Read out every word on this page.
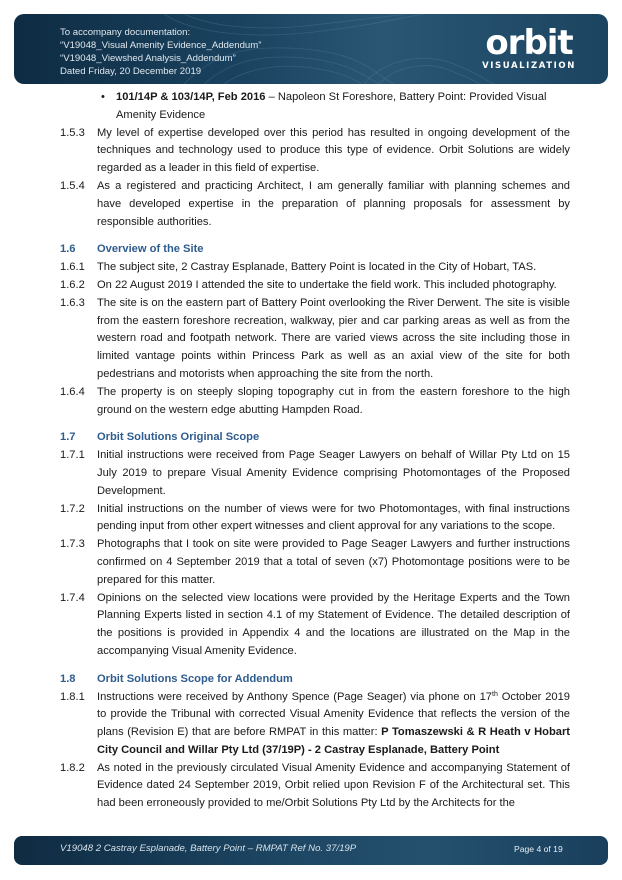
To accompany documentation:
“V19048_Visual Amenity Evidence_Addendum”
“V19048_Viewshed Analysis_Addendum”
Dated Friday, 20 December 2019
orbit
VISUALIZATION
• 101/14P & 103/14P, Feb 2016 – Napoleon St Foreshore, Battery Point: Provided Visual Amenity Evidence
1.5.3	My level of expertise developed over this period has resulted in ongoing development of the techniques and technology used to produce this type of evidence. Orbit Solutions are widely regarded as a leader in this field of expertise.
1.5.4	As a registered and practicing Architect, I am generally familiar with planning schemes and have developed expertise in the preparation of planning proposals for assessment by responsible authorities.
1.6	Overview of the Site
1.6.1	The subject site, 2 Castray Esplanade, Battery Point is located in the City of Hobart, TAS.
1.6.2	On 22 August 2019 I attended the site to undertake the field work. This included photography.
1.6.3	The site is on the eastern part of Battery Point overlooking the River Derwent. The site is visible from the eastern foreshore recreation, walkway, pier and car parking areas as well as from the western road and footpath network. There are varied views across the site including those in limited vantage points within Princess Park as well as an axial view of the site for both pedestrians and motorists when approaching the site from the north.
1.6.4	The property is on steeply sloping topography cut in from the eastern foreshore to the high ground on the western edge abutting Hampden Road.
1.7	Orbit Solutions Original Scope
1.7.1	Initial instructions were received from Page Seager Lawyers on behalf of Willar Pty Ltd on 15 July 2019 to prepare Visual Amenity Evidence comprising Photomontages of the Proposed Development.
1.7.2	Initial instructions on the number of views were for two Photomontages, with final instructions pending input from other expert witnesses and client approval for any variations to the scope.
1.7.3	Photographs that I took on site were provided to Page Seager Lawyers and further instructions confirmed on 4 September 2019 that a total of seven (x7) Photomontage positions were to be prepared for this matter.
1.7.4	Opinions on the selected view locations were provided by the Heritage Experts and the Town Planning Experts listed in section 4.1 of my Statement of Evidence. The detailed description of the positions is provided in Appendix 4 and the locations are illustrated on the Map in the accompanying Visual Amenity Evidence.
1.8	Orbit Solutions Scope for Addendum
1.8.1	Instructions were received by Anthony Spence (Page Seager) via phone on 17th October 2019 to provide the Tribunal with corrected Visual Amenity Evidence that reflects the version of the plans (Revision E) that are before RMPAT in this matter: P Tomaszewski & R Heath v Hobart City Council and Willar Pty Ltd (37/19P) - 2 Castray Esplanade, Battery Point
1.8.2	As noted in the previously circulated Visual Amenity Evidence and accompanying Statement of Evidence dated 24 September 2019, Orbit relied upon Revision F of the Architectural set. This had been erroneously provided to me/Orbit Solutions Pty Ltd by the Architects for the
V19048 2 Castray Esplanade, Battery Point – RMPAT Ref No. 37/19P	Page 4 of 19
